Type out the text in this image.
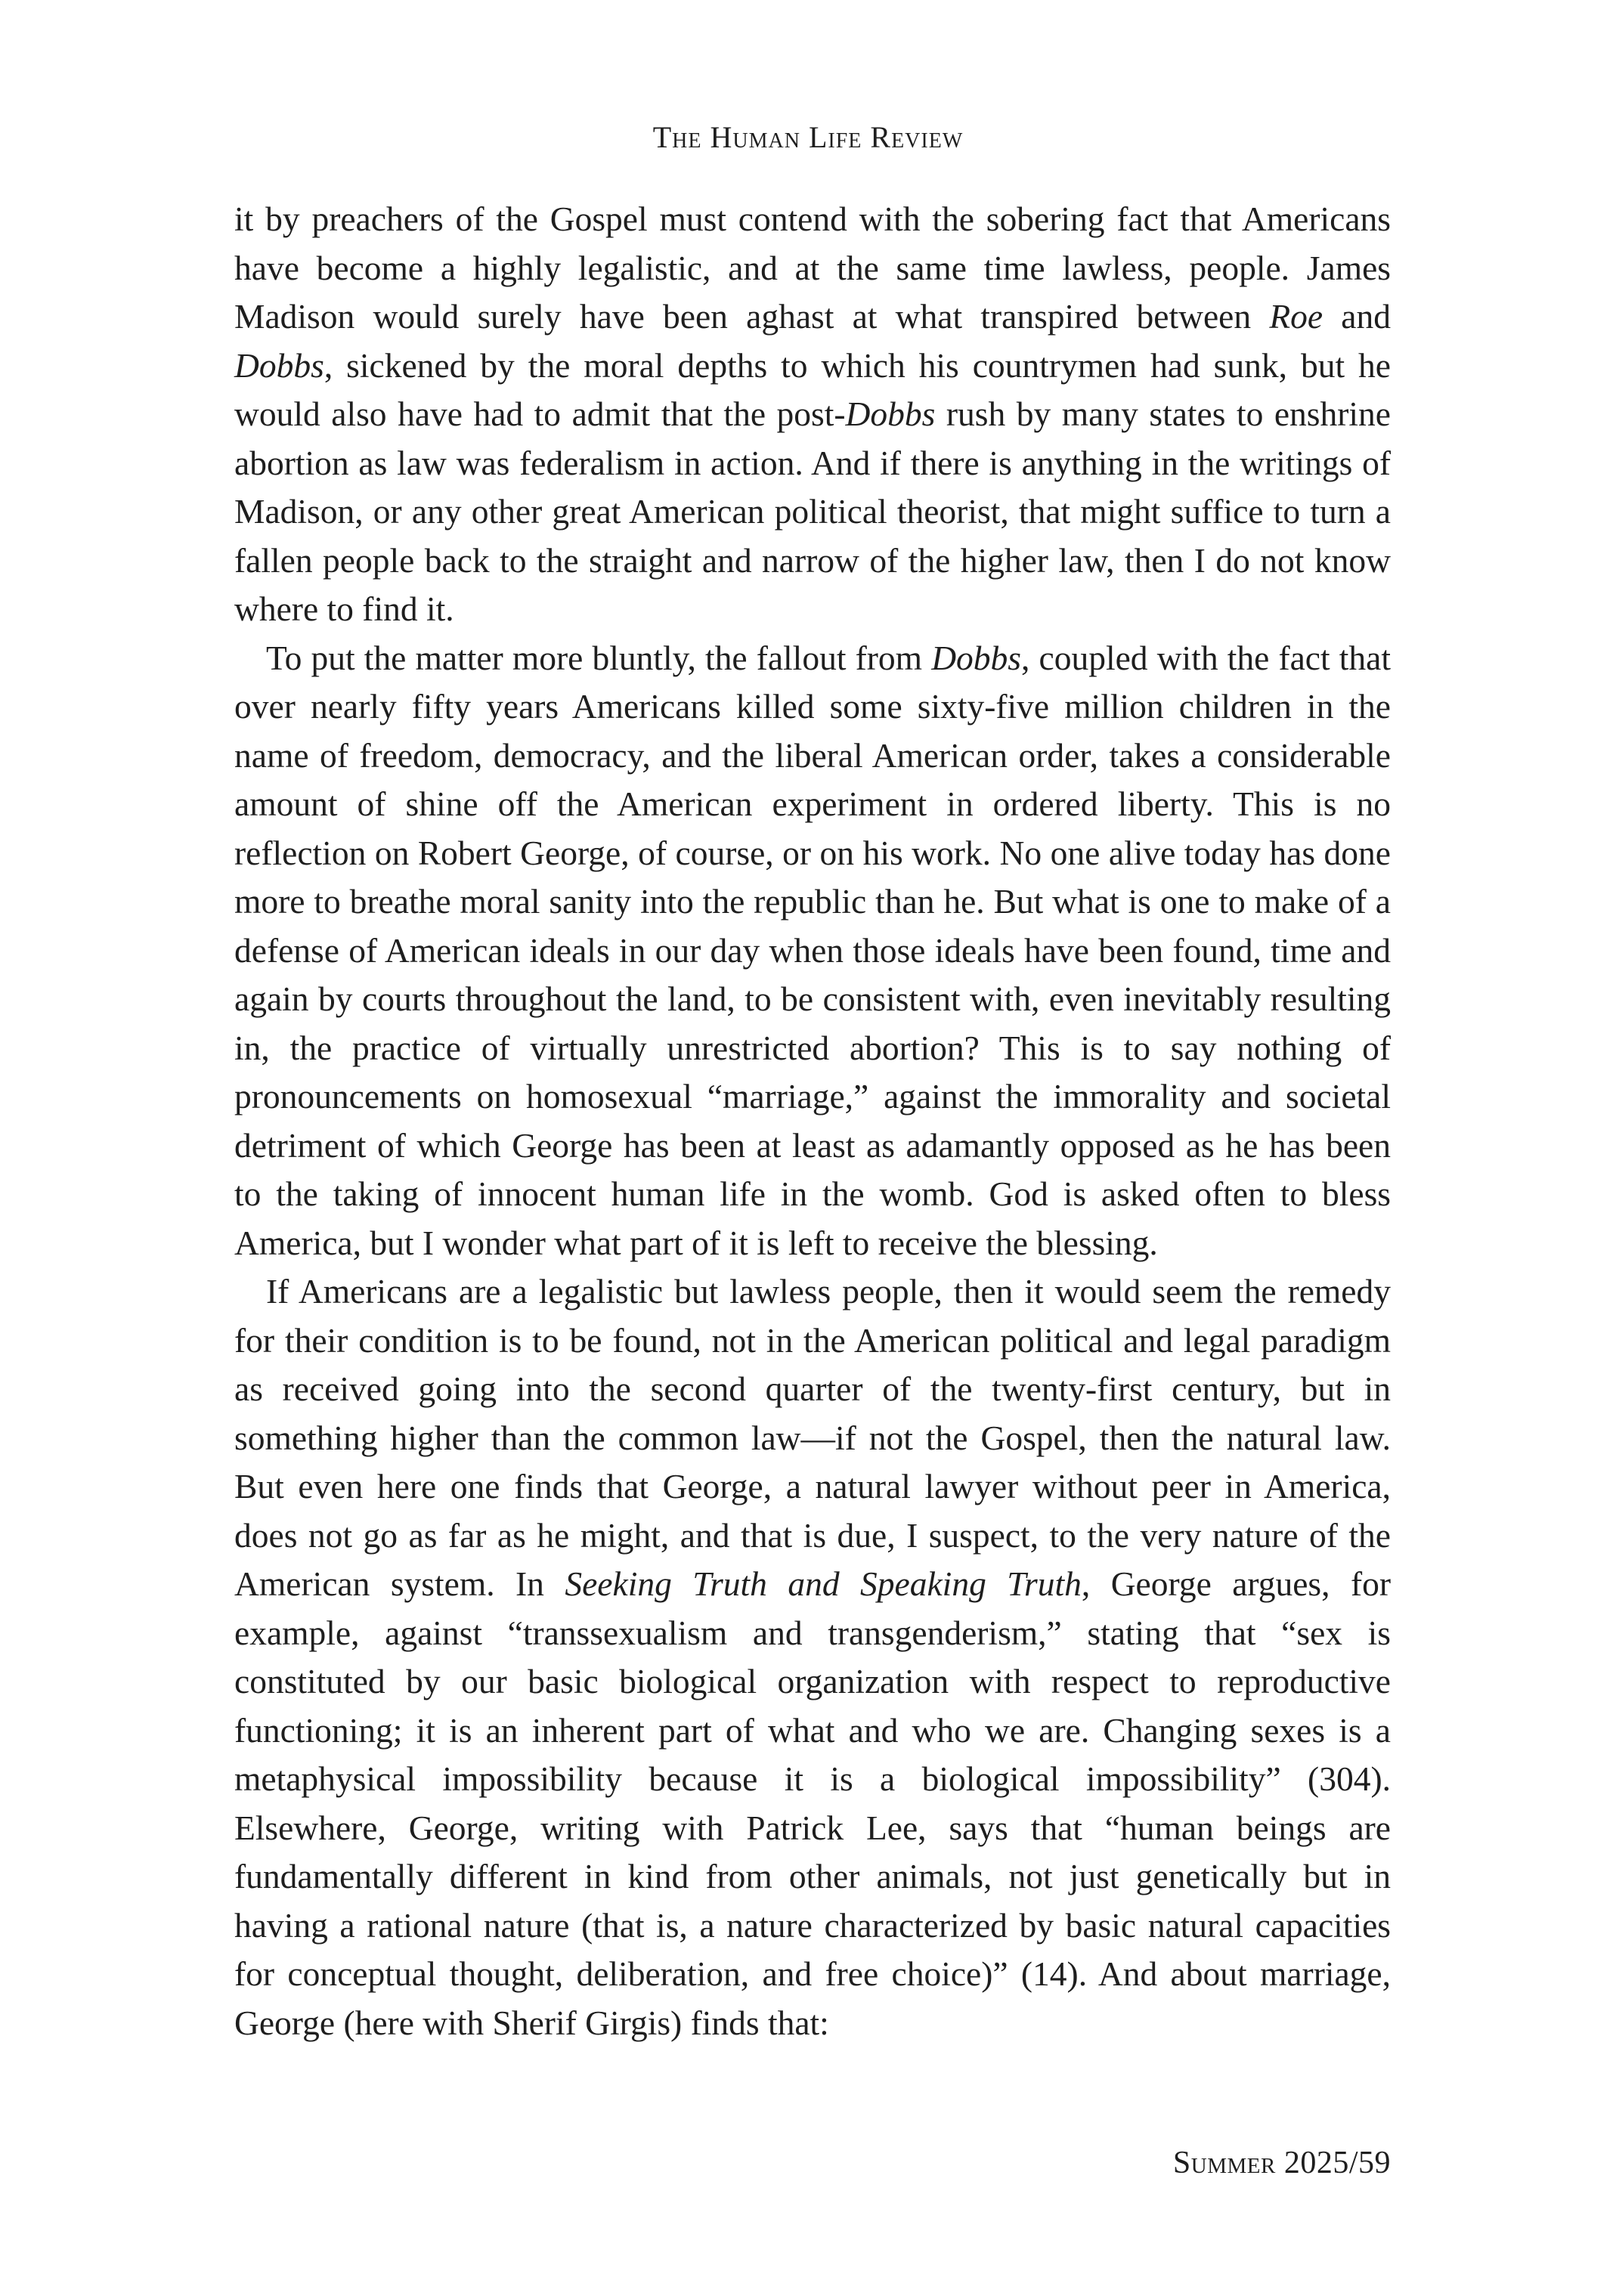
The Human Life Review

it by preachers of the Gospel must contend with the sobering fact that Americans have become a highly legalistic, and at the same time lawless, people. James Madison would surely have been aghast at what transpired between Roe and Dobbs, sickened by the moral depths to which his countrymen had sunk, but he would also have had to admit that the post-Dobbs rush by many states to enshrine abortion as law was federalism in action. And if there is anything in the writings of Madison, or any other great American political theorist, that might suffice to turn a fallen people back to the straight and narrow of the higher law, then I do not know where to find it.

To put the matter more bluntly, the fallout from Dobbs, coupled with the fact that over nearly fifty years Americans killed some sixty-five million children in the name of freedom, democracy, and the liberal American order, takes a considerable amount of shine off the American experiment in ordered liberty. This is no reflection on Robert George, of course, or on his work. No one alive today has done more to breathe moral sanity into the republic than he. But what is one to make of a defense of American ideals in our day when those ideals have been found, time and again by courts throughout the land, to be consistent with, even inevitably resulting in, the practice of virtually unrestricted abortion? This is to say nothing of pronouncements on homosexual “marriage,” against the immorality and societal detriment of which George has been at least as adamantly opposed as he has been to the taking of innocent human life in the womb. God is asked often to bless America, but I wonder what part of it is left to receive the blessing.

If Americans are a legalistic but lawless people, then it would seem the remedy for their condition is to be found, not in the American political and legal paradigm as received going into the second quarter of the twenty-first century, but in something higher than the common law—if not the Gospel, then the natural law. But even here one finds that George, a natural lawyer without peer in America, does not go as far as he might, and that is due, I suspect, to the very nature of the American system. In Seeking Truth and Speaking Truth, George argues, for example, against “transsexualism and transgenderism,” stating that “sex is constituted by our basic biological organization with respect to reproductive functioning; it is an inherent part of what and who we are. Changing sexes is a metaphysical impossibility because it is a biological impossibility” (304). Elsewhere, George, writing with Patrick Lee, says that “human beings are fundamentally different in kind from other animals, not just genetically but in having a rational nature (that is, a nature characterized by basic natural capacities for conceptual thought, deliberation, and free choice)” (14). And about marriage, George (here with Sherif Girgis) finds that:

Summer 2025/59
